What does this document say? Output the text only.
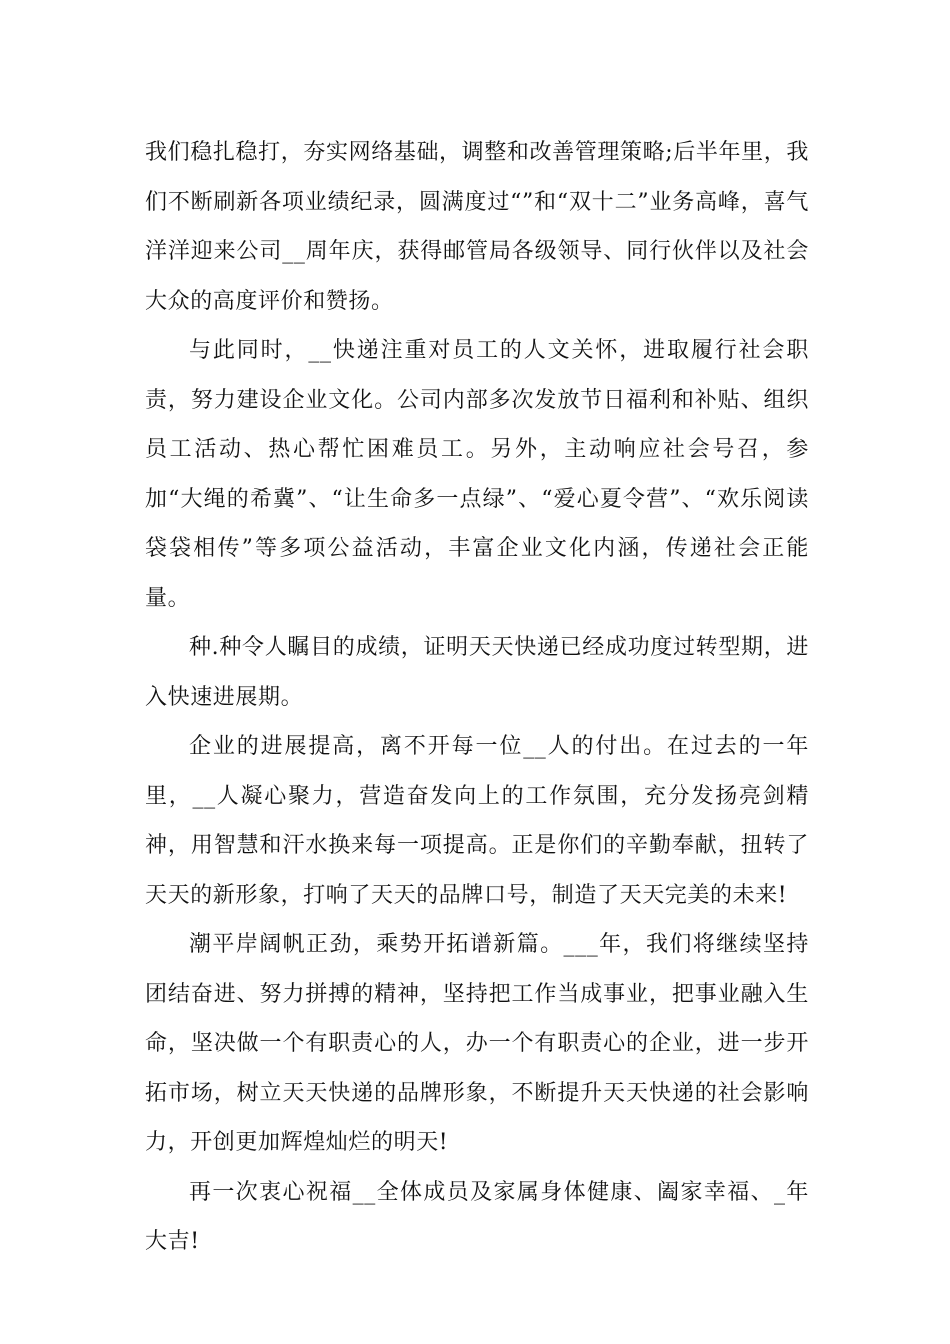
我们稳扎稳打，夯实网络基础，调整和改善管理策略;后半年里，我们不断刷新各项业绩纪录，圆满度过“”和“双十二”业务高峰，喜气洋洋迎来公司__周年庆，获得邮管局各级领导、同行伙伴以及社会大众的高度评价和赞扬。

与此同时，__快递注重对员工的人文关怀，进取履行社会职责，努力建设企业文化。公司内部多次发放节日福利和补贴、组织员工活动、热心帮忙困难员工。另外，主动响应社会号召，参加“大绳的希冀”、“让生命多一点绿”、“爱心夏令营”、“欢乐阅读袋袋相传”等多项公益活动，丰富企业文化内涵，传递社会正能量。

种.种令人瞩目的成绩，证明天天快递已经成功度过转型期，进入快速进展期。

企业的进展提高，离不开每一位__人的付出。在过去的一年里，__人凝心聚力，营造奋发向上的工作氛围，充分发扬亮剑精神，用智慧和汗水换来每一项提高。正是你们的辛勤奉献，扭转了天天的新形象，打响了天天的品牌口号，制造了天天完美的未来!

潮平岸阔帆正劲，乘势开拓谱新篇。___年，我们将继续坚持团结奋进、努力拼搏的精神，坚持把工作当成事业，把事业融入生命，坚决做一个有职责心的人，办一个有职责心的企业，进一步开拓市场，树立天天快递的品牌形象，不断提升天天快递的社会影响力，开创更加辉煌灿烂的明天!

再一次衷心祝福__全体成员及家属身体健康、阖家幸福、_年大吉!
